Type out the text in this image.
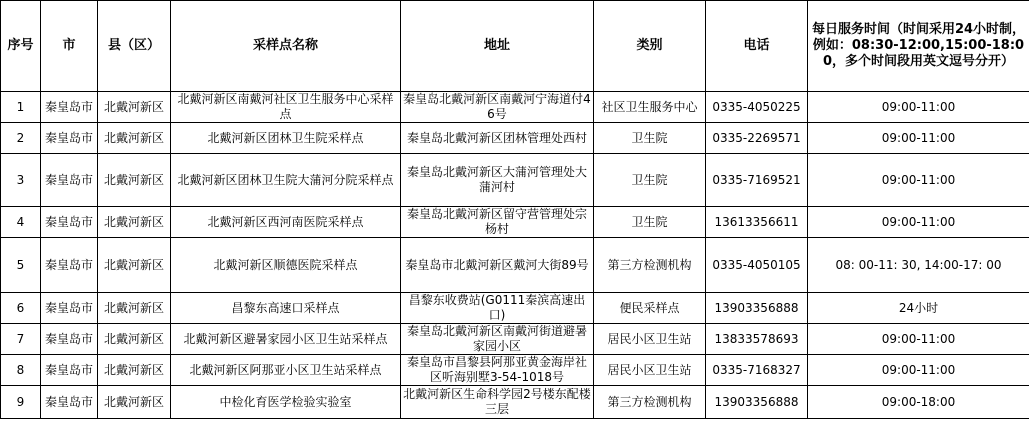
序号	市	县（区）	采样点名称	地址	类别	电话	每日服务时间（时间采用24小时制，例如：08:30-12:00,15:00-18:00，多个时间段用英文逗号分开）
1	秦皇岛市	北戴河新区	北戴河新区南戴河社区卫生服务中心采样点	秦皇岛北戴河新区南戴河宁海道付46号	社区卫生服务中心	0335-4050225	09:00-11:00
2	秦皇岛市	北戴河新区	北戴河新区团林卫生院采样点	秦皇岛北戴河新区团林管理处西村	卫生院	0335-2269571	09:00-11:00
3	秦皇岛市	北戴河新区	北戴河新区团林卫生院大蒲河分院采样点	秦皇岛北戴河新区大蒲河管理处大蒲河村	卫生院	0335-7169521	09:00-11:00
4	秦皇岛市	北戴河新区	北戴河新区西河南医院采样点	秦皇岛北戴河新区留守营管理处宗杨村	卫生院	13613356611	09:00-11:00
5	秦皇岛市	北戴河新区	北戴河新区顺德医院采样点	秦皇岛市北戴河新区戴河大街89号	第三方检测机构	0335-4050105	08: 00-11: 30, 14:00-17: 00
6	秦皇岛市	北戴河新区	昌黎东高速口采样点	昌黎东收费站(G0111秦滨高速出口)	便民采样点	13903356888	24小时
7	秦皇岛市	北戴河新区	北戴河新区避暑家园小区卫生站采样点	秦皇岛北戴河新区南戴河街道避暑家园小区	居民小区卫生站	13833578693	09:00-11:00
8	秦皇岛市	北戴河新区	北戴河新区阿那亚小区卫生站采样点	秦皇岛市昌黎县阿那亚黄金海岸社区听海别墅3-54-1018号	居民小区卫生站	0335-7168327	09:00-11:00
9	秦皇岛市	北戴河新区	中检化育医学检验实验室	北戴河新区生命科学园2号楼东配楼三层	第三方检测机构	13903356888	09:00-18:00
